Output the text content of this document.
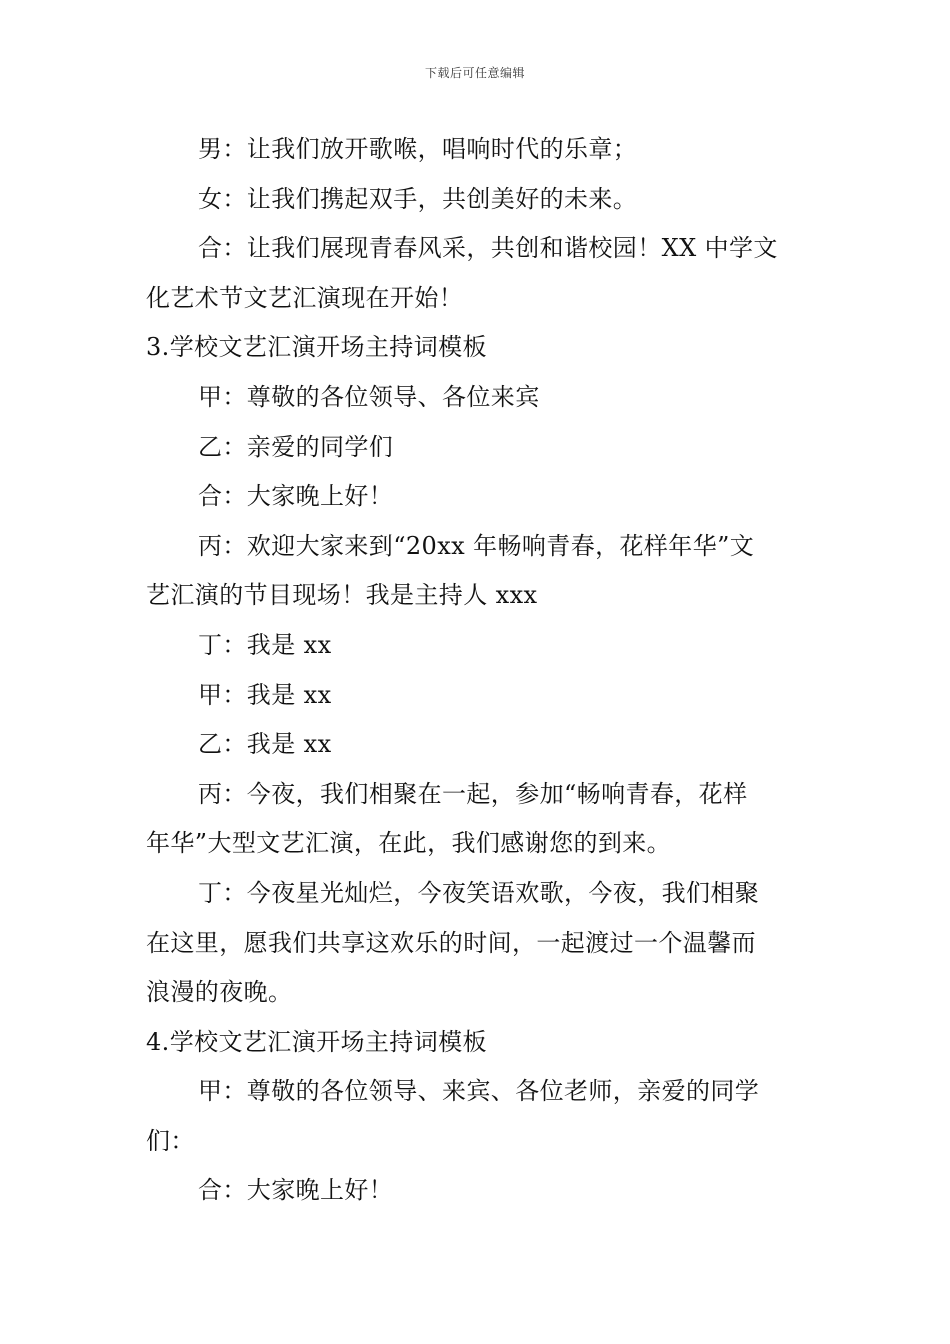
下载后可任意编辑
男：让我们放开歌喉，唱响时代的乐章；
女：让我们携起双手，共创美好的未来。
合：让我们展现青春风采，共创和谐校园！XX 中学文
化艺术节文艺汇演现在开始！
3.学校文艺汇演开场主持词模板
甲：尊敬的各位领导、各位来宾
乙：亲爱的同学们
合：大家晚上好！
丙：欢迎大家来到“20xx 年畅响青春，花样年华”文
艺汇演的节目现场！我是主持人 xxx
丁：我是 xx
甲：我是 xx
乙：我是 xx
丙：今夜，我们相聚在一起，参加“畅响青春，花样
年华”大型文艺汇演，在此，我们感谢您的到来。
丁：今夜星光灿烂，今夜笑语欢歌，今夜，我们相聚
在这里，愿我们共享这欢乐的时间，一起渡过一个温馨而
浪漫的夜晚。
4.学校文艺汇演开场主持词模板
甲：尊敬的各位领导、来宾、各位老师，亲爱的同学
们：
合：大家晚上好！
